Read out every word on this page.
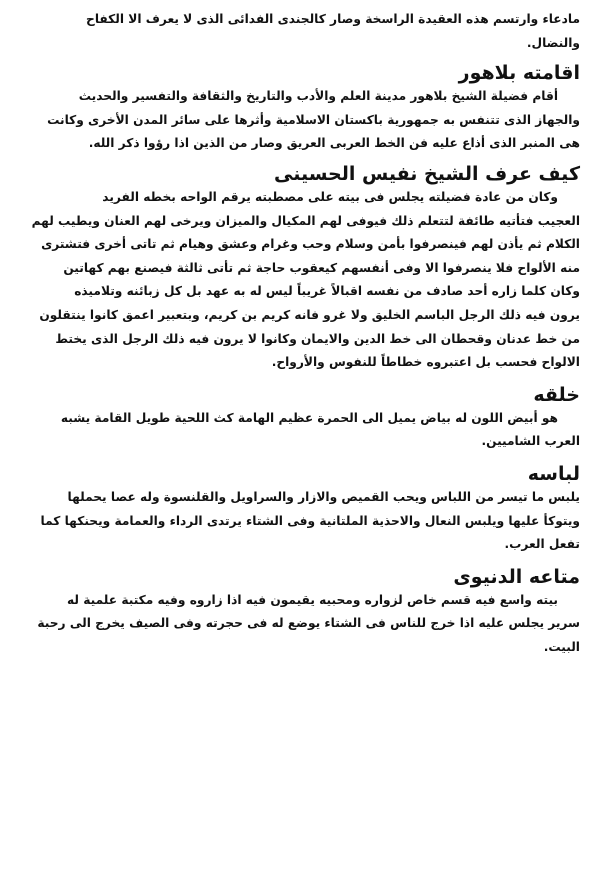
مادعاء وارتسم هذه العقيدة الراسخة وصار كالجندى الفدائى الذى لا يعرف الا الكفاح
والنضال.
اقامته بلاهور
أقام فضيلة الشيخ بلاهور مدينة العلم والأدب والتاريخ والثقافة والتفسير والحديث
والجهاز الذى تتنفس به جمهورية باكستان الاسلامية وأثرها على سائر المدن الأخرى وكانت
هى المنبر الذى أذاع عليه فن الخط العربى العريق وصار من الذين اذا رؤوا ذكر الله.
كيف عرف الشيخ نفيس الحسينى
وكان من عادة فضيلته يجلس فى بيته على مصطبته يرقم الواحه بخطه الفريد
العجيب فتأتيه طائفة لتتعلم ذلك فيوفى لهم المكيال والميزان ويرخى لهم العنان ويطيب لهم
الكلام ثم يأذن لهم فينصرفوا بأمن وسلام وحب وغرام وعشق وهيام ثم تاتى أخرى فتشترى
منه الألواح فلا ينصرفوا الا وفى أنفسهم كيعقوب حاجة ثم تأتى ثالثة فيصنع بهم كهاتين
وكان كلما زاره أحد صادف من نفسه اقبالاً غريباً ليس له به عهد بل كل زبائنه وتلاميذه
يرون فيه ذلك الرجل الباسم الخليق ولا غرو فانه كريم بن كريم، وبتعبير اعمق كانوا ينتقلون
من خط عدنان وقحطان الى خط الدين والايمان وكانوا لا يرون فيه ذلك الرجل الذى يختط
الالواح فحسب بل اعتبروه خطاطاً للنفوس والأرواح.
خلقه
هو أبيض اللون له بياض يميل الى الحمرة عظيم الهامة كث اللحية طويل القامة يشبه
العرب الشاميين.
لباسه
يلبس ما تيسر من اللباس ويحب القميص والازار والسراويل والقلنسوة وله عصا يحملها
ويتوكأ عليها ويلبس النعال والاحذية الملتانية وفى الشتاء يرتدى الرداء والعمامة ويحنكها كما
تفعل العرب.
متاعه الدنيوى
بيته واسع فيه قسم خاص لزواره ومحبيه يقيمون فيه اذا زاروه وفيه مكتبة علمية له
سرير يجلس عليه اذا خرج للناس فى الشتاء يوضع له فى حجرته وفى الصيف يخرج الى رحبة
البيت.
